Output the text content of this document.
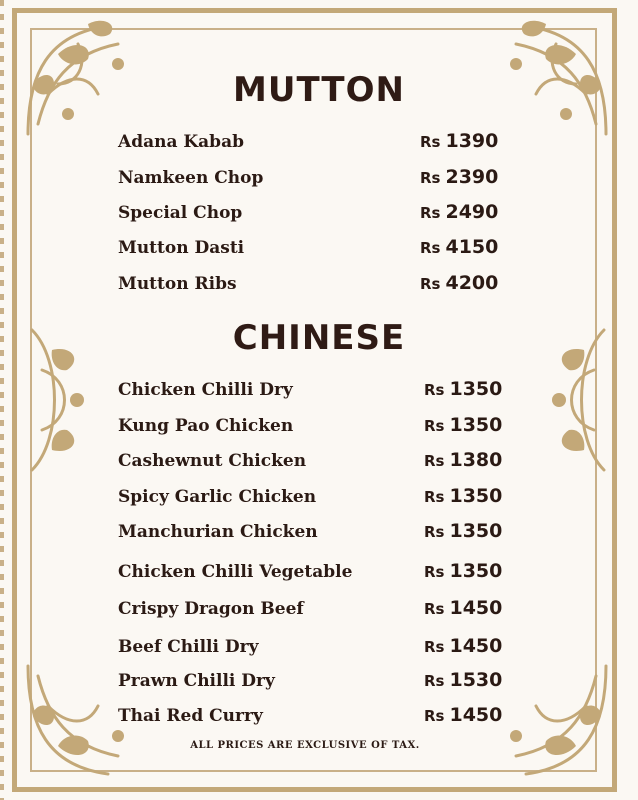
MUTTON
Adana Kabab	Rs 1390
Namkeen Chop	Rs 2390
Special Chop	Rs 2490
Mutton Dasti	Rs 4150
Mutton Ribs	Rs 4200
CHINESE
Chicken Chilli Dry	Rs 1350
Kung Pao Chicken	Rs 1350
Cashewnut Chicken	Rs 1380
Spicy Garlic Chicken	Rs 1350
Manchurian Chicken	Rs 1350
Chicken Chilli Vegetable	Rs 1350
Crispy Dragon Beef	Rs 1450
Beef Chilli Dry	Rs 1450
Prawn Chilli Dry	Rs 1530
Thai Red Curry	Rs 1450
ALL PRICES ARE EXCLUSIVE OF TAX.
